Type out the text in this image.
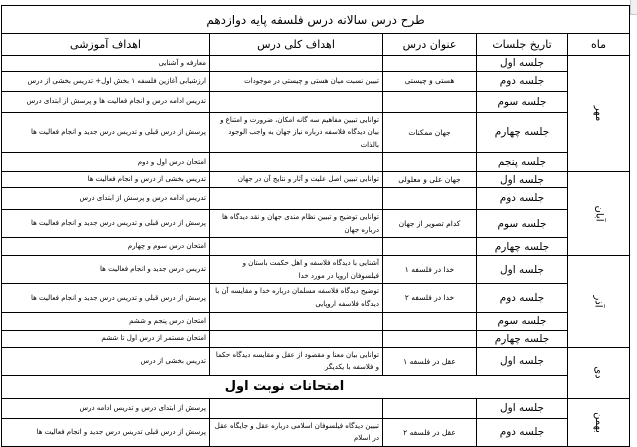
طرح درس سالانه درس فلسفه پایه دوازدهم				
ماه	تاریخ جلسات	عنوان درس	اهداف کلی درس	اهداف آموزشی
مهر	جلسه اول			معارفه و آشنایی
	جلسه دوم	هستی و چیستی	تبیین نسبت میان هستی و چیستی در موجودات	ارزشیابی آغازین فلسفه ۱ بخش اول+ تدریس بخشی از درس
	جلسه سوم			تدریس ادامه درس و انجام فعالیت ها و پرسش از ابتدای درس
	جلسه چهارم	جهان ممکنات	توانایی تبیین مفاهیم سه گانه امکان، ضرورت و امتناع و بیان دیدگاه فلاسفه درباره نیاز جهان به واجب الوجود بالذات	پرسش از درس قبلی و تدریس درس جدید و انجام فعالیت ها
	جلسه پنجم			امتحان درس اول و دوم
آبان	جلسه اول	جهان علی و معلولی	توانایی تبیین اصل علیت و آثار و نتایج آن در جهان	تدریس بخشی از درس و انجام فعالیت ها
	جلسه دوم			تدریس ادامه درس و پرسش از ابتدای درس
	جلسه سوم	کدام تصویر از جهان	توانایی توضیح و تبیین نظام مندی جهان و نقد دیدگاه ها درباره جهان	پرسش از درس قبلی و تدریس درس جدید و انجام فعالیت ها
	جلسه چهارم			امتحان درس سوم و چهارم
آذر	جلسه اول	خدا در فلسفه ۱	آشنایی با دیدگاه فلاسفه و اهل حکمت باستان و فیلسوفان اروپا در مورد خدا	تدریس درس جدید و انجام فعالیت ها
	جلسه دوم	خدا در فلسفه ۲	توضیح دیدگاه فلاسفه مسلمان درباره خدا و مقایسه آن با دیدگاه فلاسفه اروپایی	پرسش از درس قبلی و تدریس درس جدید و انجام فعالیت ها
	جلسه سوم			امتحان درس پنجم و ششم
	جلسه چهارم			امتحان مستمر از درس اول تا ششم
دی	جلسه اول	عقل در فلسفه ۱	توانایی بیان معنا و مقصود از عقل و مقایسه دیدگاه حکما و فلاسفه با یکدیگر	تدریس بخشی از درس
	امتحانات نوبت اول			
بهمن	جلسه اول			پرسش از ابتدای درس و تدریس ادامه درس
	جلسه دوم	عقل در فلسفه ۲	تبیین دیدگاه فیلسوفان اسلامی درباره عقل و جایگاه عقل در اسلام	پرسش از درس قبلی تدریس درس جدید و انجام فعالیت ها
